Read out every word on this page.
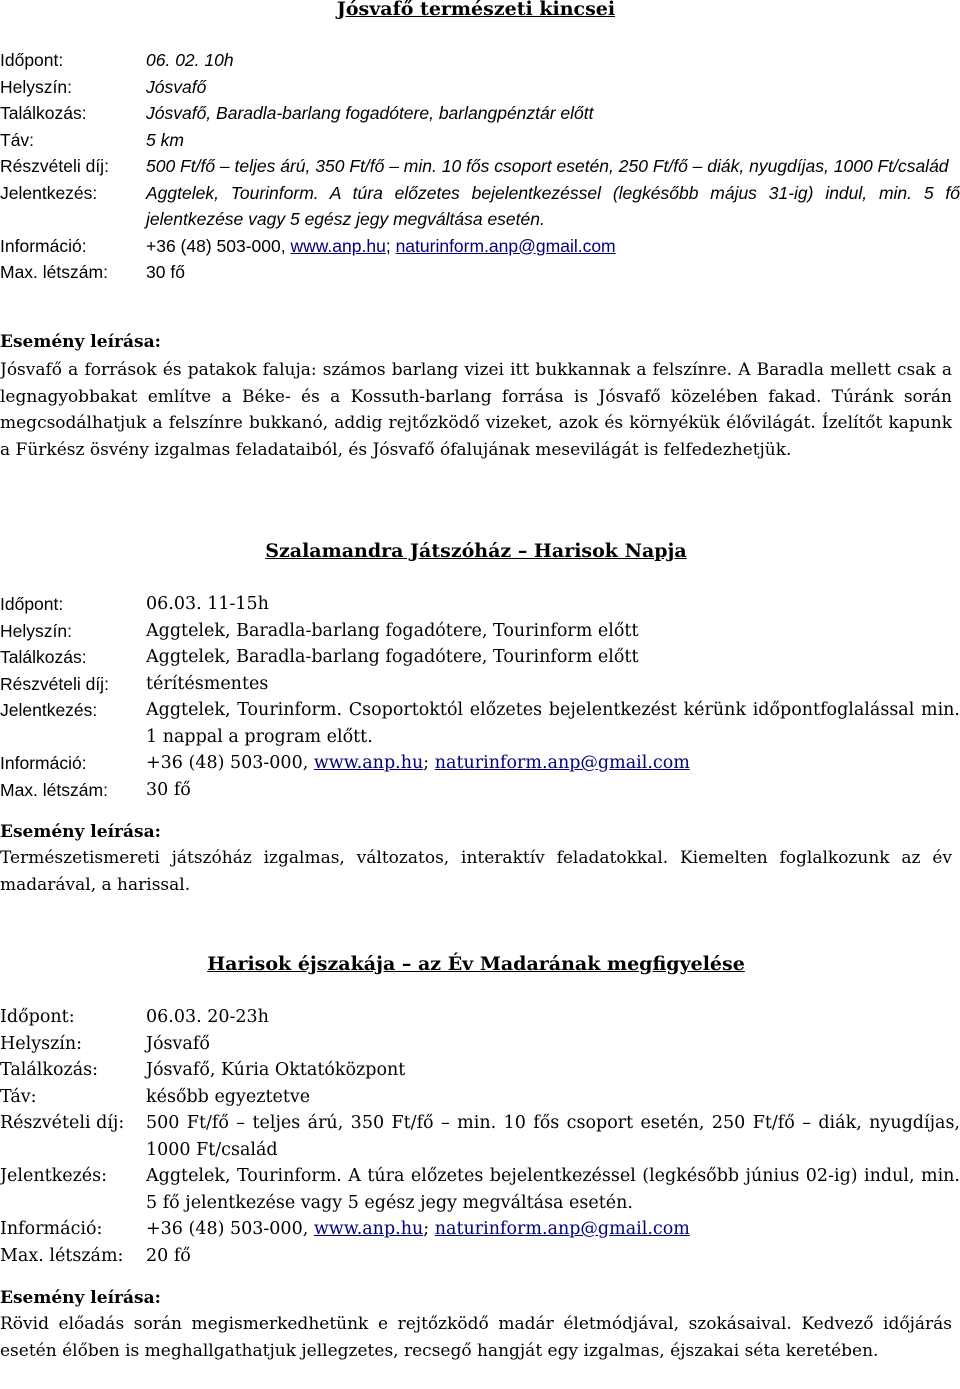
Jósvafő természeti kincsei
Időpont:	06. 02. 10h
Helyszín:	Jósvafő
Találkozás:	Jósvafő, Baradla-barlang fogadótere, barlangpénztár előtt
Táv:	5 km
Részvételi díj:	500 Ft/fő – teljes árú, 350 Ft/fő – min. 10 fős csoport esetén, 250 Ft/fő – diák, nyugdíjas, 1000 Ft/család
Jelentkezés:	Aggtelek, Tourinform. A túra előzetes bejelentkezéssel (legkésőbb május 31-ig) indul, min. 5 fő jelentkezése vagy 5 egész jegy megváltása esetén.
Információ:	+36 (48) 503-000, www.anp.hu; naturinform.anp@gmail.com
Max. létszám:	30 fő
Esemény leírása:
Jósvafő a források és patakok faluja: számos barlang vizei itt bukkannak a felszínre. A Baradla mellett csak a legnagyobbakat említve a Béke- és a Kossuth-barlang forrása is Jósvafő közelében fakad. Túránk során megcsodálhatjuk a felszínre bukkanó, addig rejtőzködő vizeket, azok és környékük élővilágát. Ízelítőt kapunk a Fürkész ösvény izgalmas feladataiból, és Jósvafő ófalujának mesevilágát is felfedezhetjük.
Szalamandra Játszóház – Harisok Napja
Időpont:	06.03. 11-15h
Helyszín:	Aggtelek, Baradla-barlang fogadótere, Tourinform előtt
Találkozás:	Aggtelek, Baradla-barlang fogadótere, Tourinform előtt
Részvételi díj:	térítésmentes
Jelentkezés:	Aggtelek, Tourinform. Csoportoktól előzetes bejelentkezést kérünk időpontfoglalással min. 1 nappal a program előtt.
Információ:	+36 (48) 503-000, www.anp.hu; naturinform.anp@gmail.com
Max. létszám:	30 fő
Esemény leírása:
Természetismereti játszóház izgalmas, változatos, interaktív feladatokkal. Kiemelten foglalkozunk az év madarával, a harissal.
Harisok éjszakája – az Év Madarának megfigyelése
Időpont:	06.03. 20-23h
Helyszín:	Jósvafő
Találkozás:	Jósvafő, Kúria Oktatóközpont
Táv:	később egyeztetve
Részvételi díj:	500 Ft/fő – teljes árú, 350 Ft/fő – min. 10 fős csoport esetén, 250 Ft/fő – diák, nyugdíjas, 1000 Ft/család
Jelentkezés:	Aggtelek, Tourinform. A túra előzetes bejelentkezéssel (legkésőbb június 02-ig) indul, min. 5 fő jelentkezése vagy 5 egész jegy megváltása esetén.
Információ:	+36 (48) 503-000, www.anp.hu; naturinform.anp@gmail.com
Max. létszám:	20 fő
Esemény leírása:
Rövid előadás során megismerkedhetünk e rejtőzködő madár életmódjával, szokásaival. Kedvező időjárás esetén élőben is meghallgathatjuk jellegzetes, recsegő hangját egy izgalmas, éjszakai séta keretében.
